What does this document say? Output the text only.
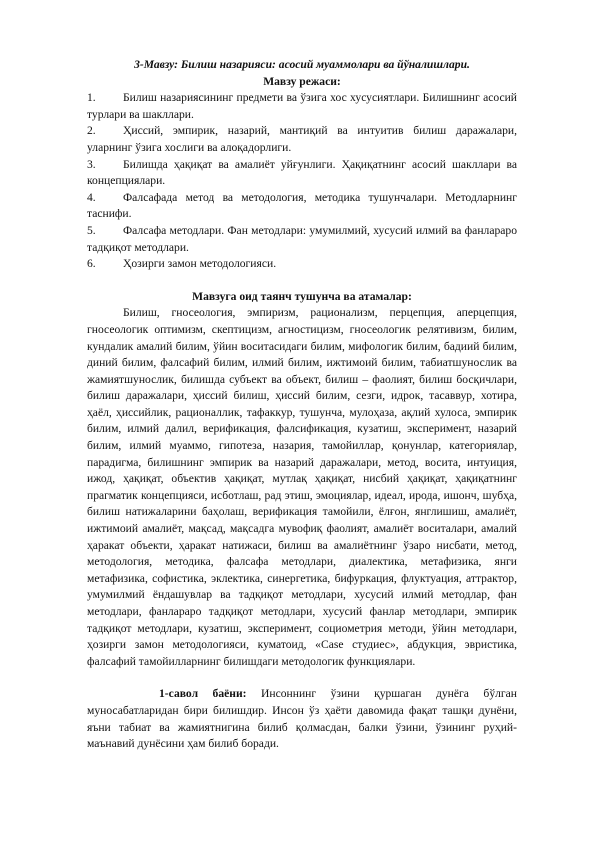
3-Мавзу: Билиш назарияси: асосий муаммолари ва йўналишлари.

Мавзу режаси:

1. Билиш назариясининг предмети ва ўзига хос хусусиятлари. Билишнинг асосий турлари ва шакллари.
2. Ҳиссий, эмпирик, назарий, мантиқий ва интуитив билиш даражалари, уларнинг ўзига хослиги ва алоқадорлиги.
3. Билишда ҳақиқат ва амалиёт уйғунлиги. Ҳақиқатнинг асосий шакллари ва концепциялари.
4. Фалсафада метод ва методология, методика тушунчалари. Методларнинг таснифи.
5. Фалсафа методлари. Фан методлари: умумилмий, хусусий илмий ва фанлараро тадқиқот методлари.
6. Ҳозирги замон методологияси.

Мавзуга оид таянч тушунча ва атамалар:

Билиш, гносеология, эмпиризм, рационализм, перцепция, аперцепция, гносеологик оптимизм, скептицизм, агностицизм, гносеологик релятивизм, билим, кундалик амалий билим, ўйин воситасидаги билим, мифологик билим, бадиий билим, диний билим, фалсафий билим, илмий билим, ижтимоий билим, табиатшунослик ва жамиятшунослик, билишда субъект ва объект, билиш – фаолият, билиш босқичлари, билиш даражалари, ҳиссий билиш, ҳиссий билим, сезги, идрок, тасаввур, хотира, ҳаёл, ҳиссийлик, рационаллик, тафаккур, тушунча, мулоҳаза, ақлий хулоса, эмпирик билим, илмий далил, верификация, фалсификация, кузатиш, эксперимент, назарий билим, илмий муаммо, гипотеза, назария, тамойиллар, қонунлар, категориялар, парадигма, билишнинг эмпирик ва назарий даражалари, метод, восита, интуиция, ижод, ҳақиқат, объектив ҳақиқат, мутлақ ҳақиқат, нисбий ҳақиқат, ҳақиқатнинг прагматик концепцияси, исботлаш, рад этиш, эмоциялар, идеал, ирода, ишонч, шубҳа, билиш натижаларини баҳолаш, верификация тамойили, ёлғон, янглишиш, амалиёт, ижтимоий амалиёт, мақсад, мақсадга мувофиқ фаолият, амалиёт воситалари, амалий ҳаракат объекти, ҳаракат натижаси, билиш ва амалиётнинг ўзаро нисбати, метод, методология, методика, фалсафа методлари, диалектика, метафизика, янги метафизика, софистика, эклектика, синергетика, бифуркация, флуктуация, аттрактор, умумилмий ёндашувлар ва тадқиқот методлари, хусусий илмий методлар, фан методлари, фанлараро тадқиқот методлари, хусусий фанлар методлари, эмпирик тадқиқот методлари, кузатиш, эксперимент, социометрия методи, ўйин методлари, ҳозирги замон методологияси, куматоид, «Casе cтудиес», абдукция, эвристика, фалсафий тамойилларнинг билишдаги методологик функциялари.

1-савол баёни: Инсоннинг ўзини қуршаган дунёга бўлган муносабатларидан бири билишдир. Инсон ўз ҳаёти давомида фақат ташқи дунёни, яъни табиат ва жамиятнигина билиб қолмасдан, балки ўзини, ўзининг руҳий-маънавий дунёсини ҳам билиб боради.
